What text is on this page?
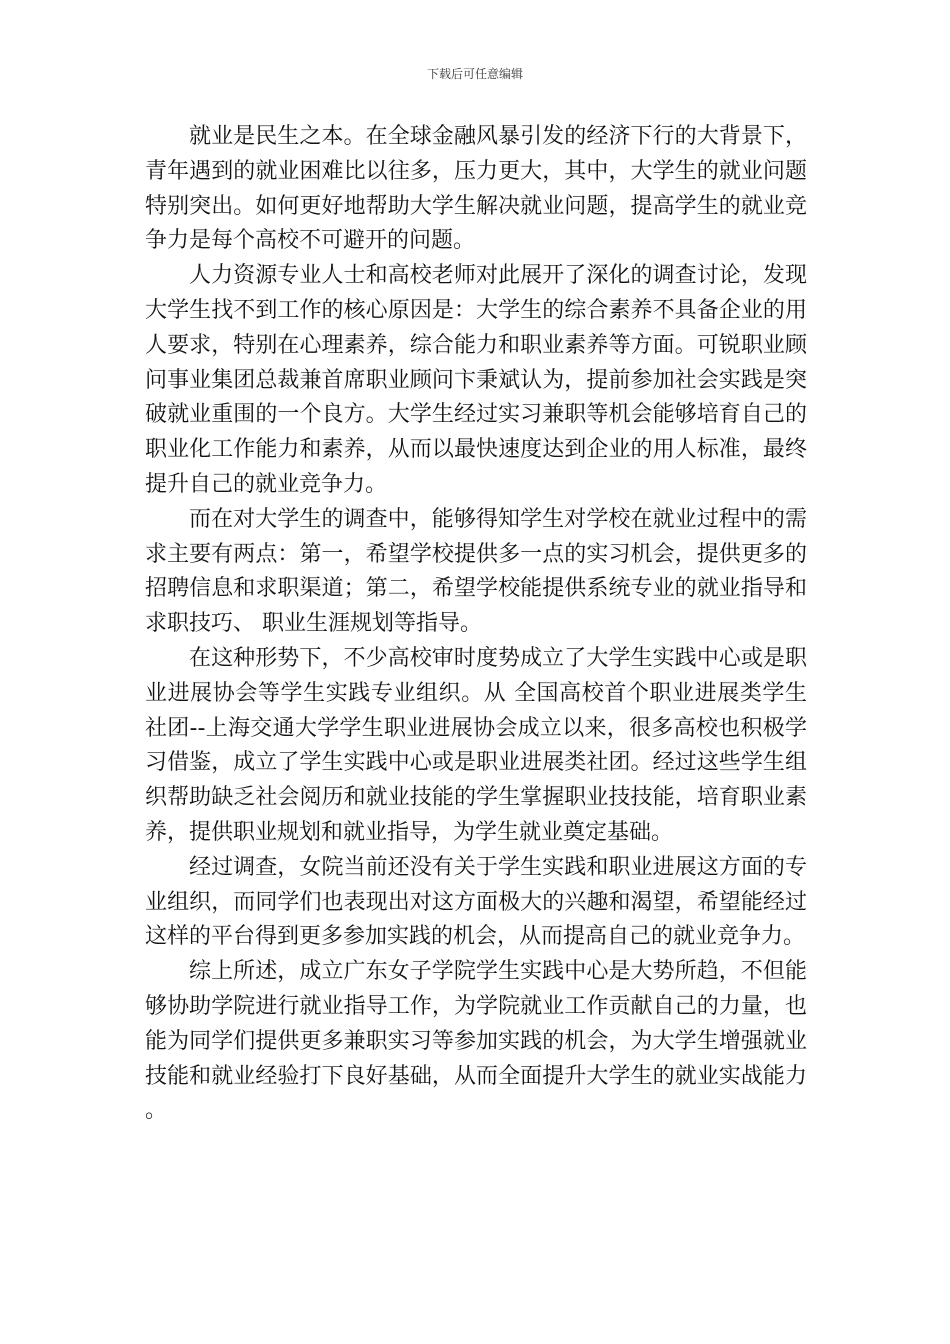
下载后可任意编辑

就业是民生之本。在全球金融风暴引发的经济下行的大背景下，青年遇到的就业困难比以往多，压力更大，其中，大学生的就业问题特别突出。如何更好地帮助大学生解决就业问题，提高学生的就业竞争力是每个高校不可避开的问题。

人力资源专业人士和高校老师对此展开了深化的调查讨论，发现大学生找不到工作的核心原因是：大学生的综合素养不具备企业的用人要求，特别在心理素养，综合能力和职业素养等方面。可锐职业顾问事业集团总裁兼首席职业顾问卞秉斌认为，提前参加社会实践是突破就业重围的一个良方。大学生经过实习兼职等机会能够培育自己的职业化工作能力和素养，从而以最快速度达到企业的用人标准，最终提升自己的就业竞争力。

而在对大学生的调查中，能够得知学生对学校在就业过程中的需求主要有两点：第一，希望学校提供多一点的实习机会，提供更多的招聘信息和求职渠道；第二，希望学校能提供系统专业的就业指导和求职技巧、 职业生涯规划等指导。

在这种形势下，不少高校审时度势成立了大学生实践中心或是职业进展协会等学生实践专业组织。从 全国高校首个职业进展类学生社团--上海交通大学学生职业进展协会成立以来，很多高校也积极学习借鉴，成立了学生实践中心或是职业进展类社团。经过这些学生组织帮助缺乏社会阅历和就业技能的学生掌握职业技技能，培育职业素养，提供职业规划和就业指导，为学生就业奠定基础。

经过调查，女院当前还没有关于学生实践和职业进展这方面的专业组织，而同学们也表现出对这方面极大的兴趣和渴望，希望能经过这样的平台得到更多参加实践的机会，从而提高自己的就业竞争力。

综上所述，成立广东女子学院学生实践中心是大势所趋，不但能够协助学院进行就业指导工作，为学院就业工作贡献自己的力量，也能为同学们提供更多兼职实习等参加实践的机会，为大学生增强就业技能和就业经验打下良好基础，从而全面提升大学生的就业实战能力。
